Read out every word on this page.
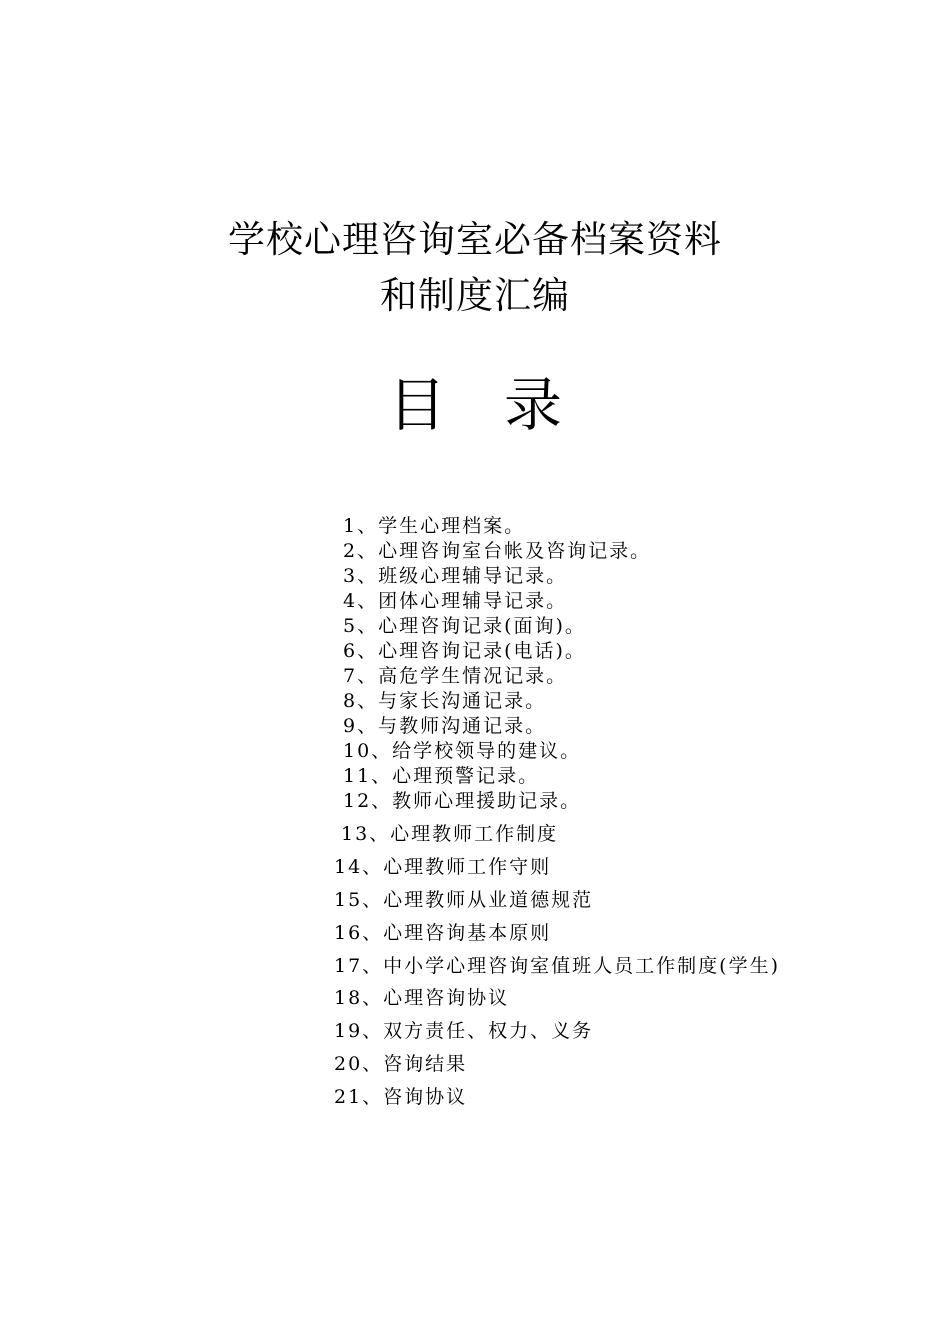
学校心理咨询室必备档案资料
和制度汇编
目 录
1、学生心理档案。
2、心理咨询室台帐及咨询记录。
3、班级心理辅导记录。
4、团体心理辅导记录。
5、心理咨询记录(面询)。
6、心理咨询记录(电话)。
7、高危学生情况记录。
8、与家长沟通记录。
9、与教师沟通记录。
10、给学校领导的建议。
11、心理预警记录。
12、教师心理援助记录。
13、心理教师工作制度
14、心理教师工作守则
15、心理教师从业道德规范
16、心理咨询基本原则
17、中小学心理咨询室值班人员工作制度(学生)
18、心理咨询协议
19、双方责任、权力、义务
20、咨询结果
21、咨询协议
